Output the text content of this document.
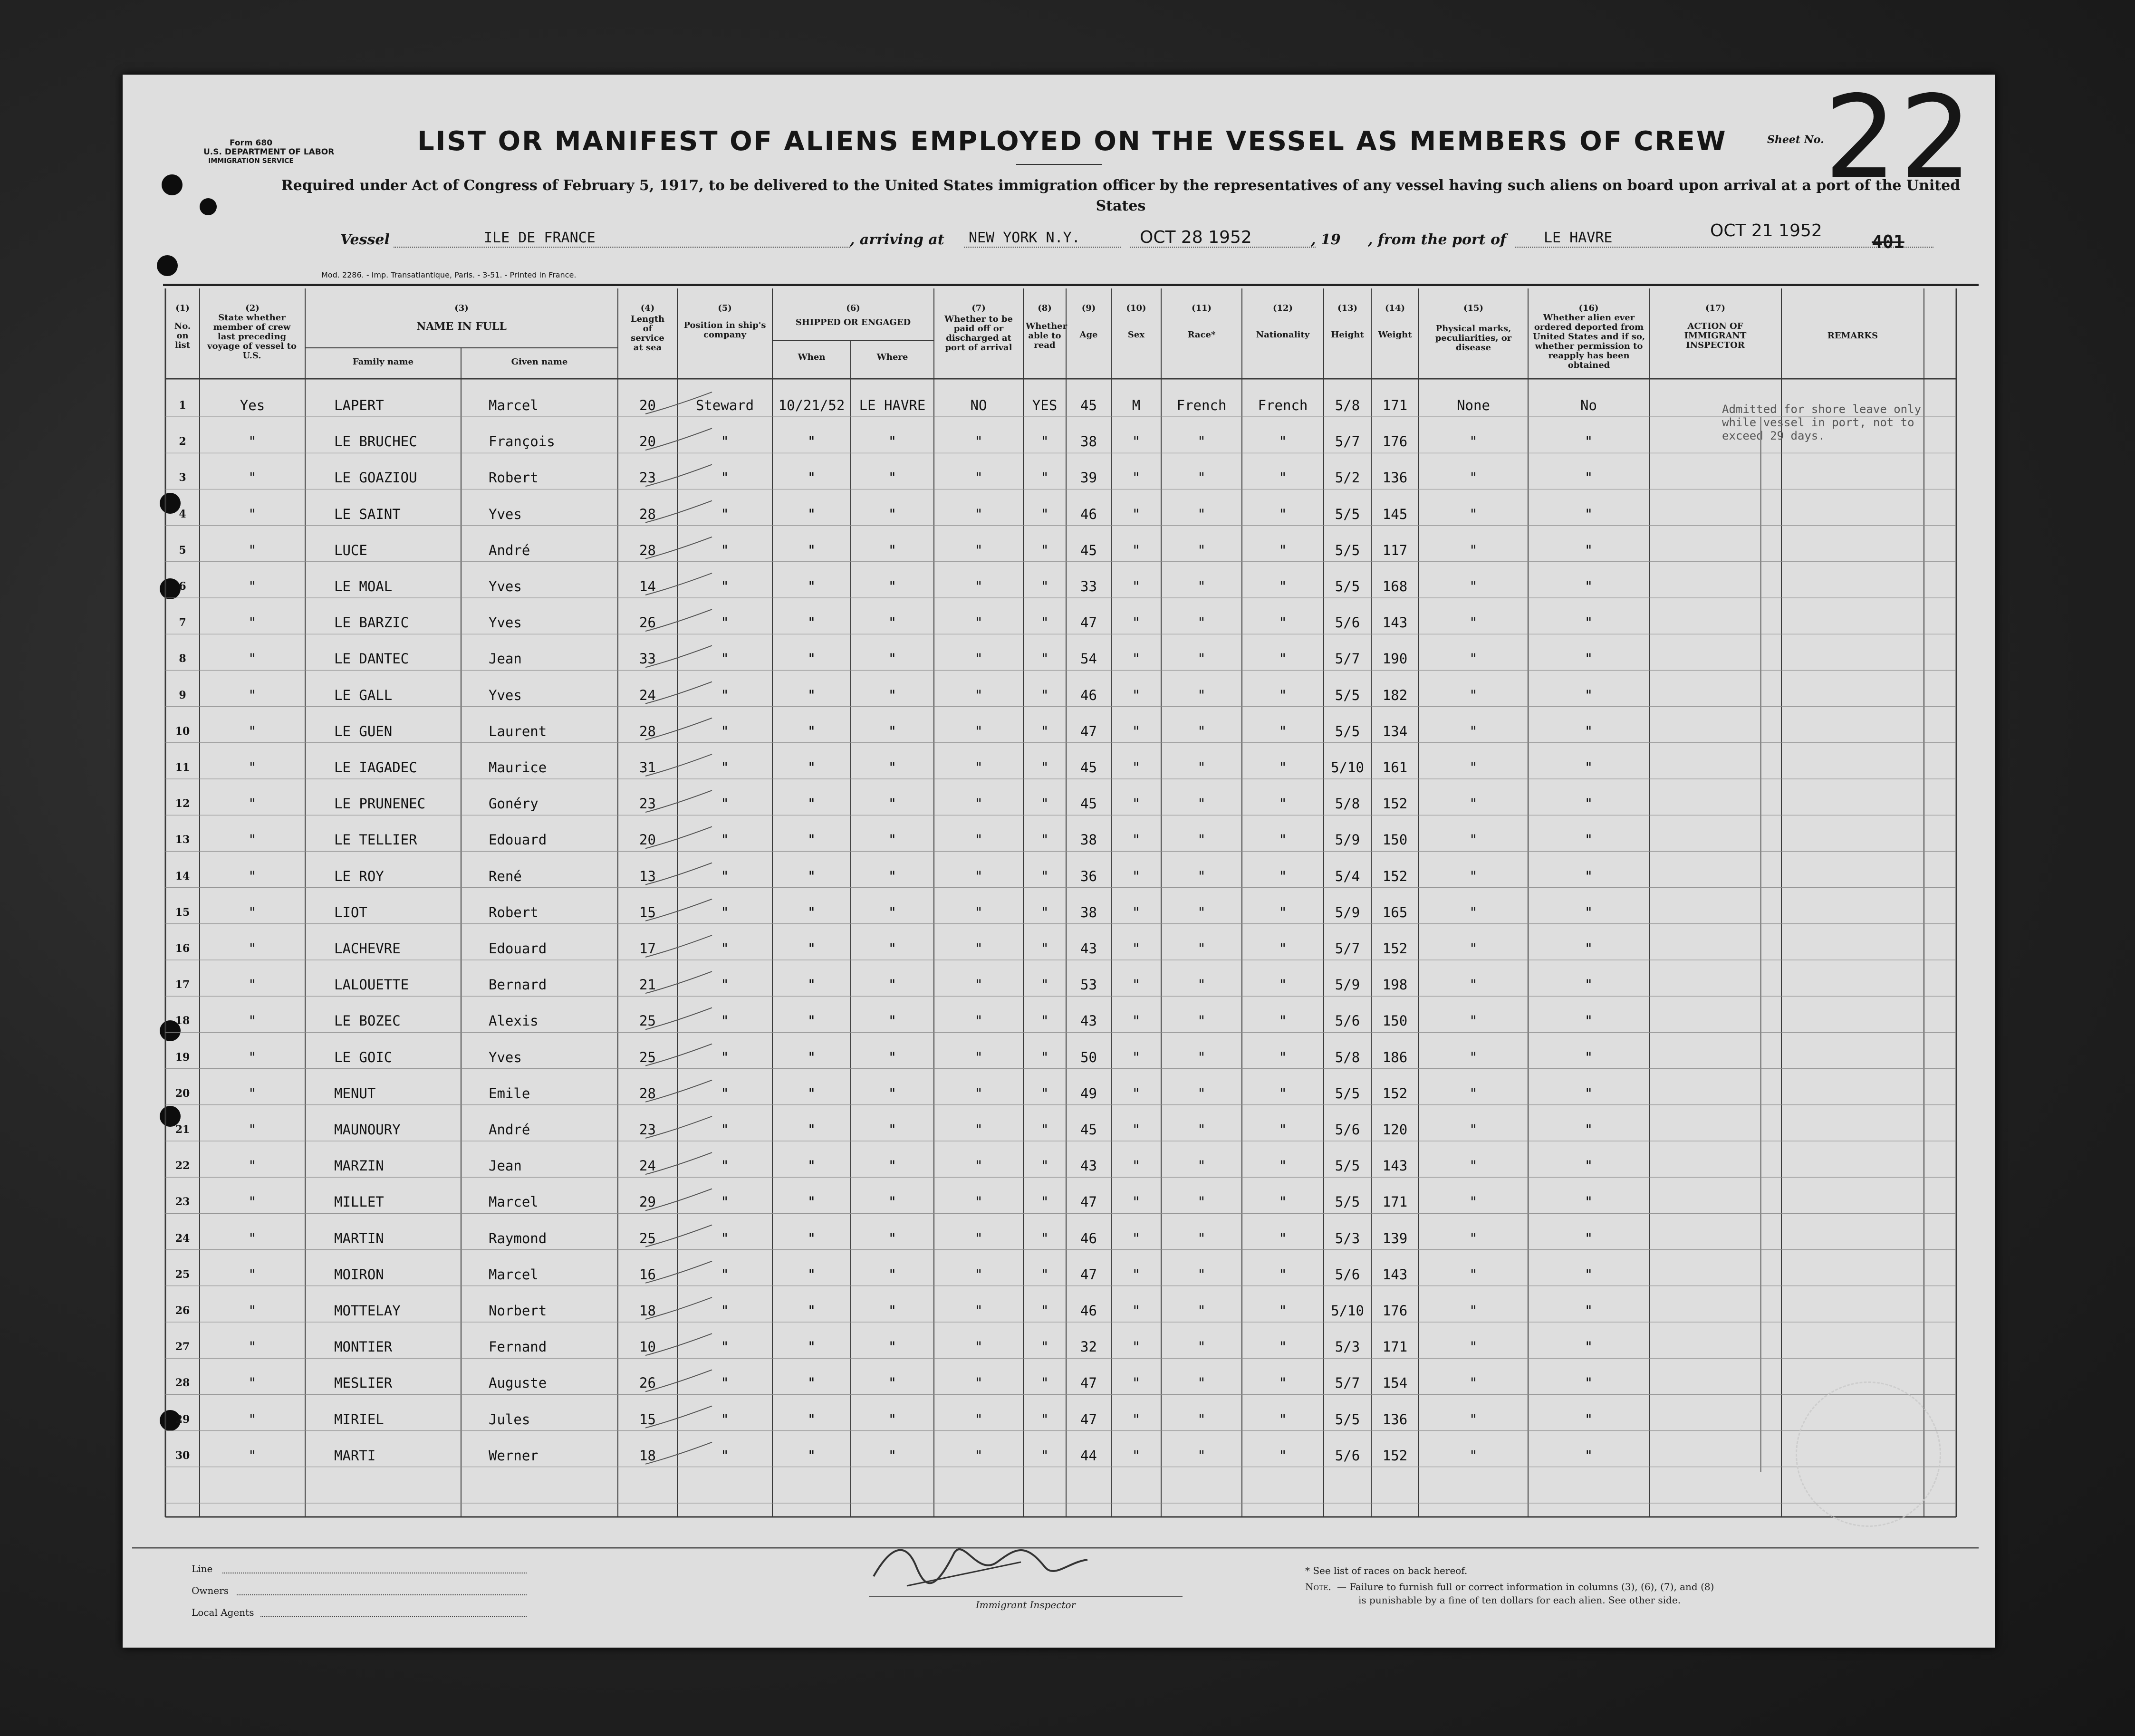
Form 680
U.S. DEPARTMENT OF LABOR
IMMIGRATION SERVICE
LIST OR MANIFEST OF ALIENS EMPLOYED ON THE VESSEL AS MEMBERS OF CREW
Required under Act of Congress of February 5, 1917, to be delivered to the United States immigration officer by the representatives of any vessel having such aliens on board upon arrival at a port of the United States
Sheet No. 22
Vessel	ILE DE FRANCE	, arriving at NEW YORK N.Y.	OCT 28 1952	, 19 , from the port of	LE HAVRE	OCT 21 1952
401
Mod. 2286. - Imp. Transatlantique, Paris. - 3-51. - Printed in France.
(1)
No. on list
(2)
State whether member of crew last preceding voyage of vessel to U.S.
(3)
NAME IN FULL
Family name	Given name
(4)
Length of service at sea
(5)
Position in ship's company
(6)
SHIPPED OR ENGAGED
When	Where
(7)
Whether to be paid off or discharged at port of arrival
(8)
Whether able to read
(9)
Age
(10)
Sex
(11)
Race*
(12)
Nationality
(13)
Height
(14)
Weight
(15)
Physical marks, peculiarities, or disease
(16)
Whether alien ever ordered deported from United States and if so, whether permission to reapply has been obtained
(17)
ACTION OF IMMIGRANT INSPECTOR
REMARKS
1	Yes	LAPERT	Marcel	20	Steward	10/21/52	LE HAVRE	NO	YES	45	M	French	French	5/8	171	None	No
2	"	LE BRUCHEC	François	20	"	"	"	"	"	38	"	"	"	5/7	176	"	"
3	"	LE GOAZIOU	Robert	23	"	"	"	"	"	39	"	"	"	5/2	136	"	"
4	"	LE SAINT	Yves	28	"	"	"	"	"	46	"	"	"	5/5	145	"	"
5	"	LUCE	André	28	"	"	"	"	"	45	"	"	"	5/5	117	"	"
6	"	LE MOAL	Yves	14	"	"	"	"	"	33	"	"	"	5/5	168	"	"
7	"	LE BARZIC	Yves	26	"	"	"	"	"	47	"	"	"	5/6	143	"	"
8	"	LE DANTEC	Jean	33	"	"	"	"	"	54	"	"	"	5/7	190	"	"
9	"	LE GALL	Yves	24	"	"	"	"	"	46	"	"	"	5/5	182	"	"
10	"	LE GUEN	Laurent	28	"	"	"	"	"	47	"	"	"	5/5	134	"	"
11	"	LE IAGADEC	Maurice	31	"	"	"	"	"	45	"	"	"	5/10	161	"	"
12	"	LE PRUNENEC	Gonéry	23	"	"	"	"	"	45	"	"	"	5/8	152	"	"
13	"	LE TELLIER	Edouard	20	"	"	"	"	"	38	"	"	"	5/9	150	"	"
14	"	LE ROY	René	13	"	"	"	"	"	36	"	"	"	5/4	152	"	"
15	"	LIOT	Robert	15	"	"	"	"	"	38	"	"	"	5/9	165	"	"
16	"	LACHEVRE	Edouard	17	"	"	"	"	"	43	"	"	"	5/7	152	"	"
17	"	LALOUETTE	Bernard	21	"	"	"	"	"	53	"	"	"	5/9	198	"	"
18	"	LE BOZEC	Alexis	25	"	"	"	"	"	43	"	"	"	5/6	150	"	"
19	"	LE GOIC	Yves	25	"	"	"	"	"	50	"	"	"	5/8	186	"	"
20	"	MENUT	Emile	28	"	"	"	"	"	49	"	"	"	5/5	152	"	"
21	"	MAUNOURY	André	23	"	"	"	"	"	45	"	"	"	5/6	120	"	"
22	"	MARZIN	Jean	24	"	"	"	"	"	43	"	"	"	5/5	143	"	"
23	"	MILLET	Marcel	29	"	"	"	"	"	47	"	"	"	5/5	171	"	"
24	"	MARTIN	Raymond	25	"	"	"	"	"	46	"	"	"	5/3	139	"	"
25	"	MOIRON	Marcel	16	"	"	"	"	"	47	"	"	"	5/6	143	"	"
26	"	MOTTELAY	Norbert	18	"	"	"	"	"	46	"	"	"	5/10	176	"	"
27	"	MONTIER	Fernand	10	"	"	"	"	"	32	"	"	"	5/3	171	"	"
28	"	MESLIER	Auguste	26	"	"	"	"	"	47	"	"	"	5/7	154	"	"
29	"	MIRIEL	Jules	15	"	"	"	"	"	47	"	"	"	5/5	136	"	"
30	"	MARTI	Werner	18	"	"	"	"	"	44	"	"	"	5/6	152	"	"
Admitted for shore leave only while vessel in port, not to exceed 29 days.
Line
Owners
Local Agents
Immigrant Inspector
* See list of races on back hereof.
Note. — Failure to furnish full or correct information in columns (3), (6), (7), and (8)
is punishable by a fine of ten dollars for each alien. See other side.
